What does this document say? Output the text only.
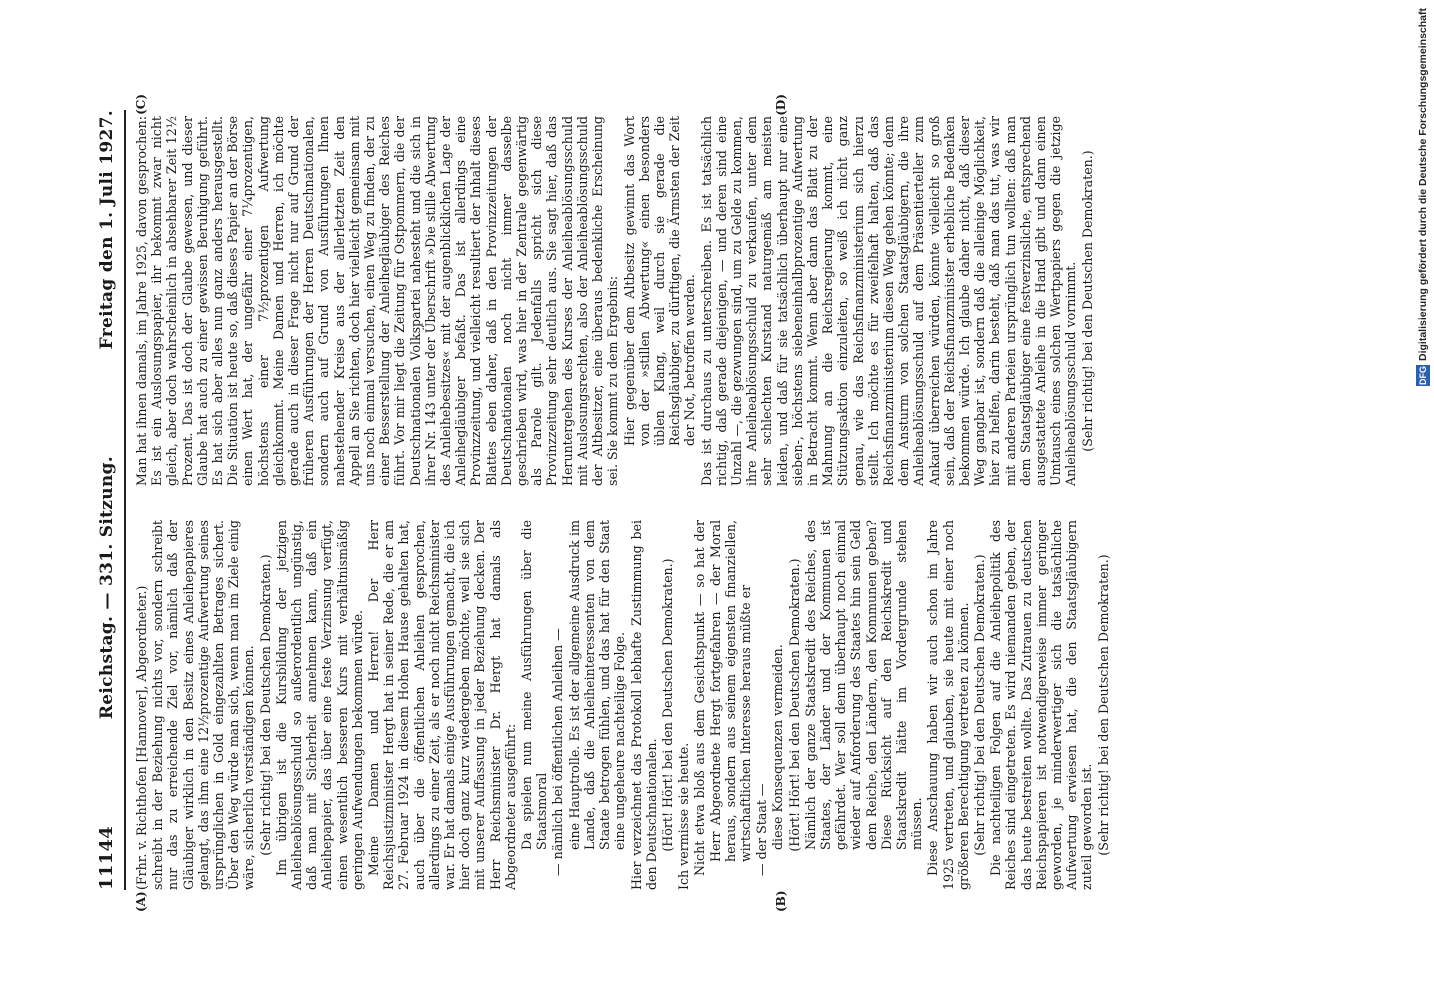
11144
Reichstag. — 331. Sitzung.
Freitag den 1. Juli 1927.
(A)	(B)

(Frhr. v. Richthofen [Hannover], Abgeordneter.) schreibt in der Beziehung nichts vor, sondern schreibt nur das zu erreichende Ziel vor, nämlich daß der Gläubiger wirklich in den Besitz eines Anleihepapieres gelangt, das ihm eine 12½prozentige Aufwertung seines ursprünglichen in Gold eingezahlten Betrages sichert. Über den Weg würde man sich, wenn man im Ziele einig wäre, sicherlich verständigen können. (Sehr richtig! bei den Deutschen Demokraten.) Im übrigen ist die Kursbildung der jetzigen Anleiheablösungsschuld so außerordentlich ungünstig, daß man mit Sicherheit annehmen kann, daß ein Anleihepapier, das über eine feste Verzinsung verfügt, einen wesentlich besseren Kurs mit verhältnismäßig geringen Aufwendungen bekommen würde. Meine Damen und Herren! Der Herr Reichsjustizminister Hergt hat in seiner Rede, die er am 27. Februar 1924 in diesem Hohen Hause gehalten hat, auch über die öffentlichen Anleihen gesprochen, allerdings zu einer Zeit, als er noch nicht Reichsminister war. Er hat damals einige Ausführungen gemacht, die ich hier doch ganz kurz wiedergeben möchte, weil sie sich mit unserer Auffassung in jeder Beziehung decken. Der Herr Reichsminister Dr. Hergt hat damals als Abgeordneter ausgeführt: Da spielen nun meine Ausführungen über die Staatsmoral — nämlich bei öffentlichen Anleihen — eine Hauptrolle. Es ist der allgemeine Ausdruck im Lande, daß die Anleiheinteressenten von dem Staate betrogen fühlen, und das hat für den Staat eine ungeheure nachteilige Folge. Hier verzeichnet das Protokoll lebhafte Zustimmung bei den Deutschnationalen. (Hört! Hört! bei den Deutschen Demokraten.) Ich vermisse sie heute. Nicht etwa bloß aus dem Gesichtspunkt — so hat der Herr Abgeordnete Hergt fortgefahren — der Moral heraus, sondern aus seinem eigensten finanziellen, wirtschaftlichen Interesse heraus müßte er — der Staat — diese Konsequenzen vermeiden. (Hört! Hört! bei den Deutschen Demokraten.) Nämlich der ganze Staatskredit des Reiches, des Staates, der Länder und der Kommunen ist gefährdet. Wer soll denn überhaupt noch einmal wieder auf Anforderung des Staates hin sein Geld dem Reiche, den Ländern, den Kommunen geben? Diese Rücksicht auf den Reichskredit und Staatskredit hätte im Vordergrunde stehen müssen. Diese Anschauung haben wir auch schon im Jahre 1925 vertreten, und glauben, sie heute mit einer noch größeren Berechtigung vertreten zu können. (Sehr richtig! bei den Deutschen Demokraten.) Die nachteiligen Folgen auf die Anleihepolitik des Reiches sind eingetreten. Es wird niemanden geben, der das heute bestreiten wollte. Das Zutrauen zu deutschen Reichspapieren ist notwendigerweise immer geringer geworden, je minderwertiger sich die tatsächliche Aufwertung erwiesen hat, die den Staatsgläubigern zuteil geworden ist. (Sehr richtig! bei den Deutschen Demokraten.)

(C)	(D)

Man hat ihnen damals, im Jahre 1925, davon gesprochen: Es ist ein Auslosungspapier, ihr bekommt zwar nicht gleich, aber doch wahrscheinlich in absehbarer Zeit 12½ Prozent. Das ist doch der Glaube gewesen, und dieser Glaube hat auch zu einer gewissen Beruhigung geführt. Es hat sich aber alles nun ganz anders herausgestellt. Die Situation ist heute so, daß dieses Papier an der Börse einen Wert hat, der ungefähr einer 7¼prozentigen, höchstens einer 7½prozentigen Aufwertung gleichkommt. Meine Damen und Herren, ich möchte gerade auch in dieser Frage nicht nur auf Grund der früheren Ausführungen der Herren Deutschnationalen, sondern auch auf Grund von Ausführungen Ihnen nahestehender Kreise aus der allerletzten Zeit den Appell an Sie richten, doch hier vielleicht gemeinsam mit uns noch einmal versuchen, einen Weg zu finden, der zu einer Besserstellung der Anleihegläubiger des Reiches führt. Vor mir liegt die Zeitung für Ostpommern, die der Deutschnationalen Volkspartei nahesteht und die sich in ihrer Nr. 143 unter der Überschrift »Die stille Abwertung des Anleihebesitzes« mit der augenblicklichen Lage der Anleihegläubiger befaßt. Das ist allerdings eine Provinzzeitung, und vielleicht resultiert der Inhalt dieses Blattes eben daher, daß in den Provinzzeitungen der Deutschnationalen noch nicht immer dasselbe geschrieben wird, was hier in der Zentrale gegenwärtig als Parole gilt. Jedenfalls spricht sich diese Provinzzeitung sehr deutlich aus. Sie sagt hier, daß das Heruntergehen des Kurses der Anleiheablösungsschuld mit Auslosungsrechten, also der Anleiheablösungsschuld der Altbesitzer, eine überaus bedenkliche Erscheinung sei. Sie kommt zu dem Ergebnis: Hier gegenüber dem Altbesitz gewinnt das Wort von der »stillen Abwertung« einen besonders üblen Klang, weil durch sie gerade die Reichsgläubiger, zu dürftigen, die Ärmsten der Zeit der Not, betroffen werden. Das ist durchaus zu unterschreiben. Es ist tatsächlich richtig, daß gerade diejenigen, — und deren sind eine Unzahl —, die gezwungen sind, um zu Gelde zu kommen, ihre Anleiheablösungsschuld zu verkaufen, unter dem sehr schlechten Kurstand naturgemäß am meisten leiden, und daß für sie tatsächlich überhaupt nur eine sieben-, höchstens siebeneinhalbprozentige Aufwertung in Betracht kommt. Wenn aber dann das Blatt zu der Mahnung an die Reichsregierung kommt, eine Stützungsaktion einzuleiten, so weiß ich nicht ganz genau, wie das Reichsfinanzministerium sich hierzu stellt. Ich möchte es für zweifelhaft halten, daß das Reichsfinanzministerium diesen Weg gehen könnte; denn dem Ansturm von solchen Staatsgläubigern, die ihre Anleiheablösungsschuld auf dem Präsentierteller zum Ankauf überreichen würden, könnte vielleicht so groß sein, daß der Reichsfinanzminister erhebliche Bedenken bekommen würde. Ich glaube daher nicht, daß dieser Weg gangbar ist, sondern daß die alleinige Möglichkeit, hier zu helfen, darin besteht, daß man das tut, was wir mit anderen Parteien ursprünglich tun wollten: daß man dem Staatsgläubiger eine festverzinsliche, entsprechend ausgestattete Anleihe in die Hand gibt und dann einen Umtausch eines solchen Wertpapiers gegen die jetzige Anleiheablösungsschuld vornimmt. (Sehr richtig! bei den Deutschen Demokraten.)	Digitalisierung gefördert durch die Deutsche Forschungsgemeinschaft
DFG
